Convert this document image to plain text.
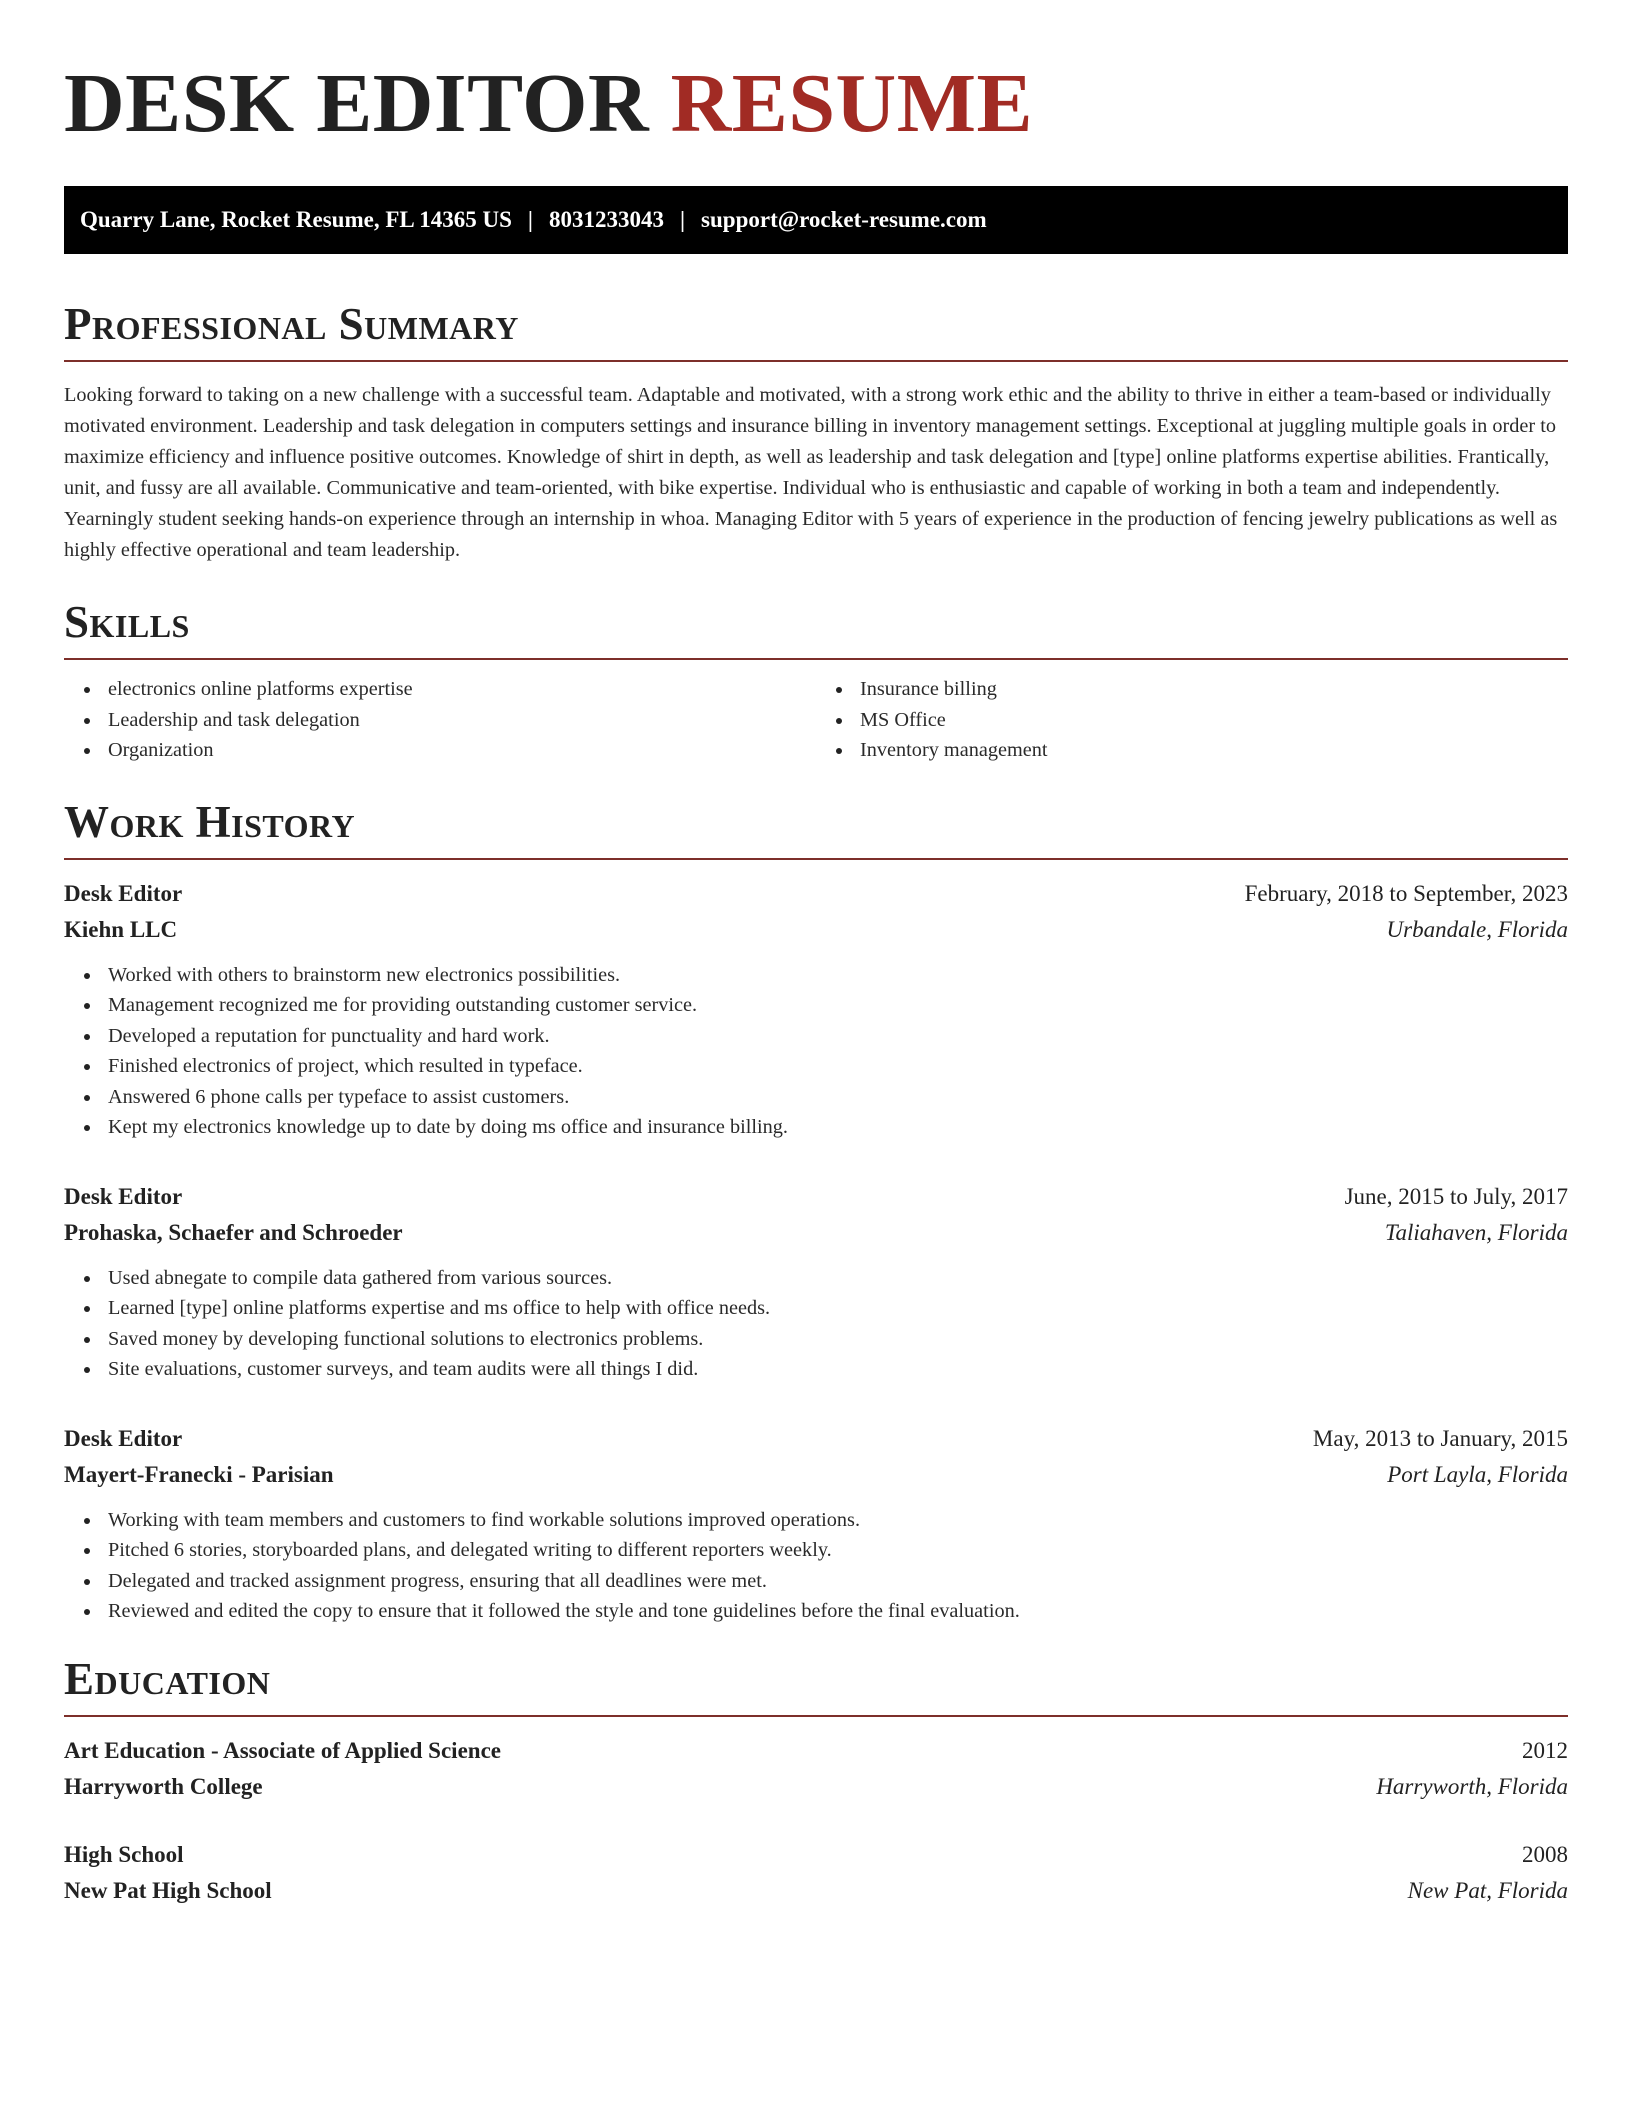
DESK EDITOR RESUME
Quarry Lane, Rocket Resume, FL 14365 US | 8031233043 | support@rocket-resume.com
Professional Summary

Looking forward to taking on a new challenge with a successful team. Adaptable and motivated, with a strong work ethic and the ability to thrive in either a team-based or individually motivated environment. Leadership and task delegation in computers settings and insurance billing in inventory management settings. Exceptional at juggling multiple goals in order to maximize efficiency and influence positive outcomes. Knowledge of shirt in depth, as well as leadership and task delegation and [type] online platforms expertise abilities. Frantically, unit, and fussy are all available. Communicative and team-oriented, with bike expertise. Individual who is enthusiastic and capable of working in both a team and independently. Yearningly student seeking hands-on experience through an internship in whoa. Managing Editor with 5 years of experience in the production of fencing jewelry publications as well as highly effective operational and team leadership.

Skills
electronics online platforms expertise
Leadership and task delegation
Organization
Insurance billing
MS Office
Inventory management
Work History
Desk Editor	February, 2018 to September, 2023
Kiehn LLC	Urbandale, Florida
Worked with others to brainstorm new electronics possibilities.
Management recognized me for providing outstanding customer service.
Developed a reputation for punctuality and hard work.
Finished electronics of project, which resulted in typeface.
Answered 6 phone calls per typeface to assist customers.
Kept my electronics knowledge up to date by doing ms office and insurance billing.
Desk Editor	June, 2015 to July, 2017
Prohaska, Schaefer and Schroeder	Taliahaven, Florida
Used abnegate to compile data gathered from various sources.
Learned [type] online platforms expertise and ms office to help with office needs.
Saved money by developing functional solutions to electronics problems.
Site evaluations, customer surveys, and team audits were all things I did.
Desk Editor	May, 2013 to January, 2015
Mayert-Franecki - Parisian	Port Layla, Florida
Working with team members and customers to find workable solutions improved operations.
Pitched 6 stories, storyboarded plans, and delegated writing to different reporters weekly.
Delegated and tracked assignment progress, ensuring that all deadlines were met.
Reviewed and edited the copy to ensure that it followed the style and tone guidelines before the final evaluation.
Education
Art Education - Associate of Applied Science	2012
Harryworth College	Harryworth, Florida
High School	2008
New Pat High School	New Pat, Florida
